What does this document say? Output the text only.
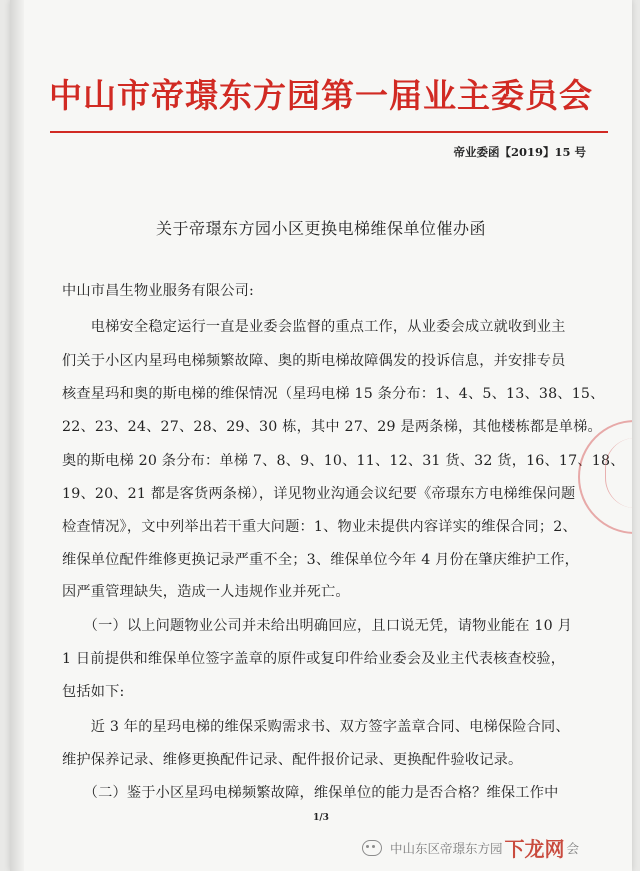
中山市帝璟东方园第一届业主委员会
帝业委函【2019】15 号
关于帝璟东方园小区更换电梯维保单位催办函
中山市昌生物业服务有限公司:
　　电梯安全稳定运行一直是业委会监督的重点工作，从业委会成立就收到业主
们关于小区内星玛电梯频繁故障、奥的斯电梯故障偶发的投诉信息，并安排专员
核查星玛和奥的斯电梯的维保情况（星玛电梯 15 条分布：1、4、5、13、38、15、
22、23、24、27、28、29、30 栋，其中 27、29 是两条梯，其他楼栋都是单梯。
奥的斯电梯 20 条分布：单梯 7、8、9、10、11、12、31 货、32 货，16、17、18、
19、20、21 都是客货两条梯），详见物业沟通会议纪要《帝璟东方电梯维保问题
检查情况》，文中列举出若干重大问题：1、物业未提供内容详实的维保合同；2、
维保单位配件维修更换记录严重不全；3、维保单位今年 4 月份在肇庆维护工作，
因严重管理缺失，造成一人违规作业并死亡。
　　（一）以上问题物业公司并未给出明确回应，且口说无凭，请物业能在 10 月
1 日前提供和维保单位签字盖章的原件或复印件给业委会及业主代表核查校验，
包括如下:
　　近 3 年的星玛电梯的维保采购需求书、双方签字盖章合同、电梯保险合同、
维护保养记录、维修更换配件记录、配件报价记录、更换配件验收记录。
　　（二）鉴于小区星玛电梯频繁故障，维保单位的能力是否合格？维保工作中
1/3
中山东区帝璟东方园 下龙网 会
